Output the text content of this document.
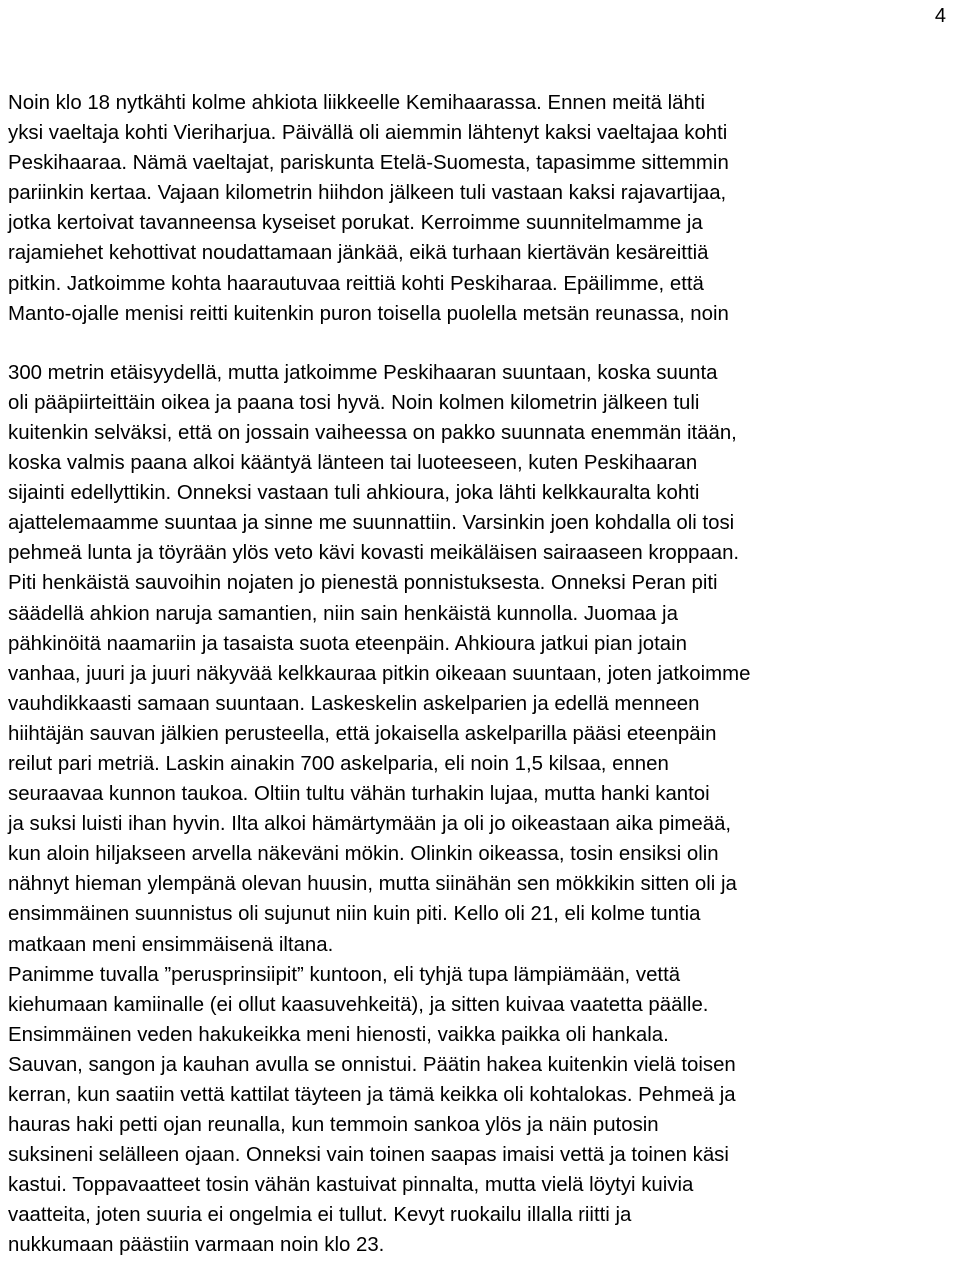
4
Noin klo 18 nytkähti kolme ahkiota liikkeelle Kemihaarassa. Ennen meitä lähti
yksi vaeltaja kohti Vieriharjua. Päivällä oli aiemmin lähtenyt kaksi vaeltajaa kohti
Peskihaaraa. Nämä vaeltajat, pariskunta Etelä-Suomesta, tapasimme sittemmin
pariinkin kertaa. Vajaan kilometrin hiihdon jälkeen tuli vastaan kaksi rajavartijaa,
jotka kertoivat tavanneensa kyseiset porukat. Kerroimme suunnitelmamme ja
rajamiehet kehottivat noudattamaan jänkää, eikä turhaan kiertävän kesäreittiä
pitkin. Jatkoimme kohta haarautuvaa reittiä kohti Peskiharaa. Epäilimme, että
Manto-ojalle menisi reitti kuitenkin puron toisella puolella metsän reunassa, noin
300 metrin etäisyydellä, mutta jatkoimme Peskihaaran suuntaan, koska suunta
oli pääpiirteittäin oikea ja paana tosi hyvä. Noin kolmen kilometrin jälkeen tuli
kuitenkin selväksi, että on jossain vaiheessa on pakko suunnata enemmän itään,
koska valmis paana alkoi kääntyä länteen tai luoteeseen, kuten Peskihaaran
sijainti edellyttikin. Onneksi vastaan tuli ahkioura, joka lähti kelkkauralta kohti
ajattelemaamme suuntaa ja sinne me suunnattiin. Varsinkin joen kohdalla oli tosi
pehmeä lunta ja töyrään ylös veto kävi kovasti meikäläisen sairaaseen kroppaan.
Piti henkäistä sauvoihin nojaten jo pienestä ponnistuksesta. Onneksi Peran piti
säädellä ahkion naruja samantien, niin sain henkäistä kunnolla. Juomaa ja
pähkinöitä naamariin ja tasaista suota eteenpäin. Ahkioura jatkui pian jotain
vanhaa, juuri ja juuri näkyvää kelkkauraa pitkin oikeaan suuntaan, joten jatkoimme
vauhdikkaasti samaan suuntaan. Laskeskelin askelparien ja edellä menneen
hiihtäjän sauvan jälkien perusteella, että jokaisella askelparilla pääsi eteenpäin
reilut pari metriä. Laskin ainakin 700 askelparia, eli noin 1,5 kilsaa, ennen
seuraavaa kunnon taukoa. Oltiin tultu vähän turhakin lujaa, mutta hanki kantoi
ja suksi luisti ihan hyvin. Ilta alkoi hämärtymään ja oli jo oikeastaan aika pimeää,
kun aloin hiljakseen arvella näkeväni mökin. Olinkin oikeassa, tosin ensiksi olin
nähnyt hieman ylempänä olevan huusin, mutta siinähän sen mökkikin sitten oli ja
ensimmäinen suunnistus oli sujunut niin kuin piti. Kello oli 21, eli kolme tuntia
matkaan meni ensimmäisenä iltana.
Panimme tuvalla ”perusprinsiipit” kuntoon, eli tyhjä tupa lämpiämään, vettä
kiehumaan kamiinalle (ei ollut kaasuvehkeitä), ja sitten kuivaa vaatetta päälle.
Ensimmäinen veden hakukeikka meni hienosti, vaikka paikka oli hankala.
Sauvan, sangon ja kauhan avulla se onnistui. Päätin hakea kuitenkin vielä toisen
kerran, kun saatiin vettä kattilat täyteen ja tämä keikka oli kohtalokas. Pehmeä ja
hauras haki petti ojan reunalla, kun temmoin sankoa ylös ja näin putosin
suksineni selälleen ojaan. Onneksi vain toinen saapas imaisi vettä ja toinen käsi
kastui. Toppavaatteet tosin vähän kastuivat pinnalta, mutta vielä löytyi kuivia
vaatteita, joten suuria ei ongelmia ei tullut. Kevyt ruokailu illalla riitti ja
nukkumaan päästiin varmaan noin klo 23.
